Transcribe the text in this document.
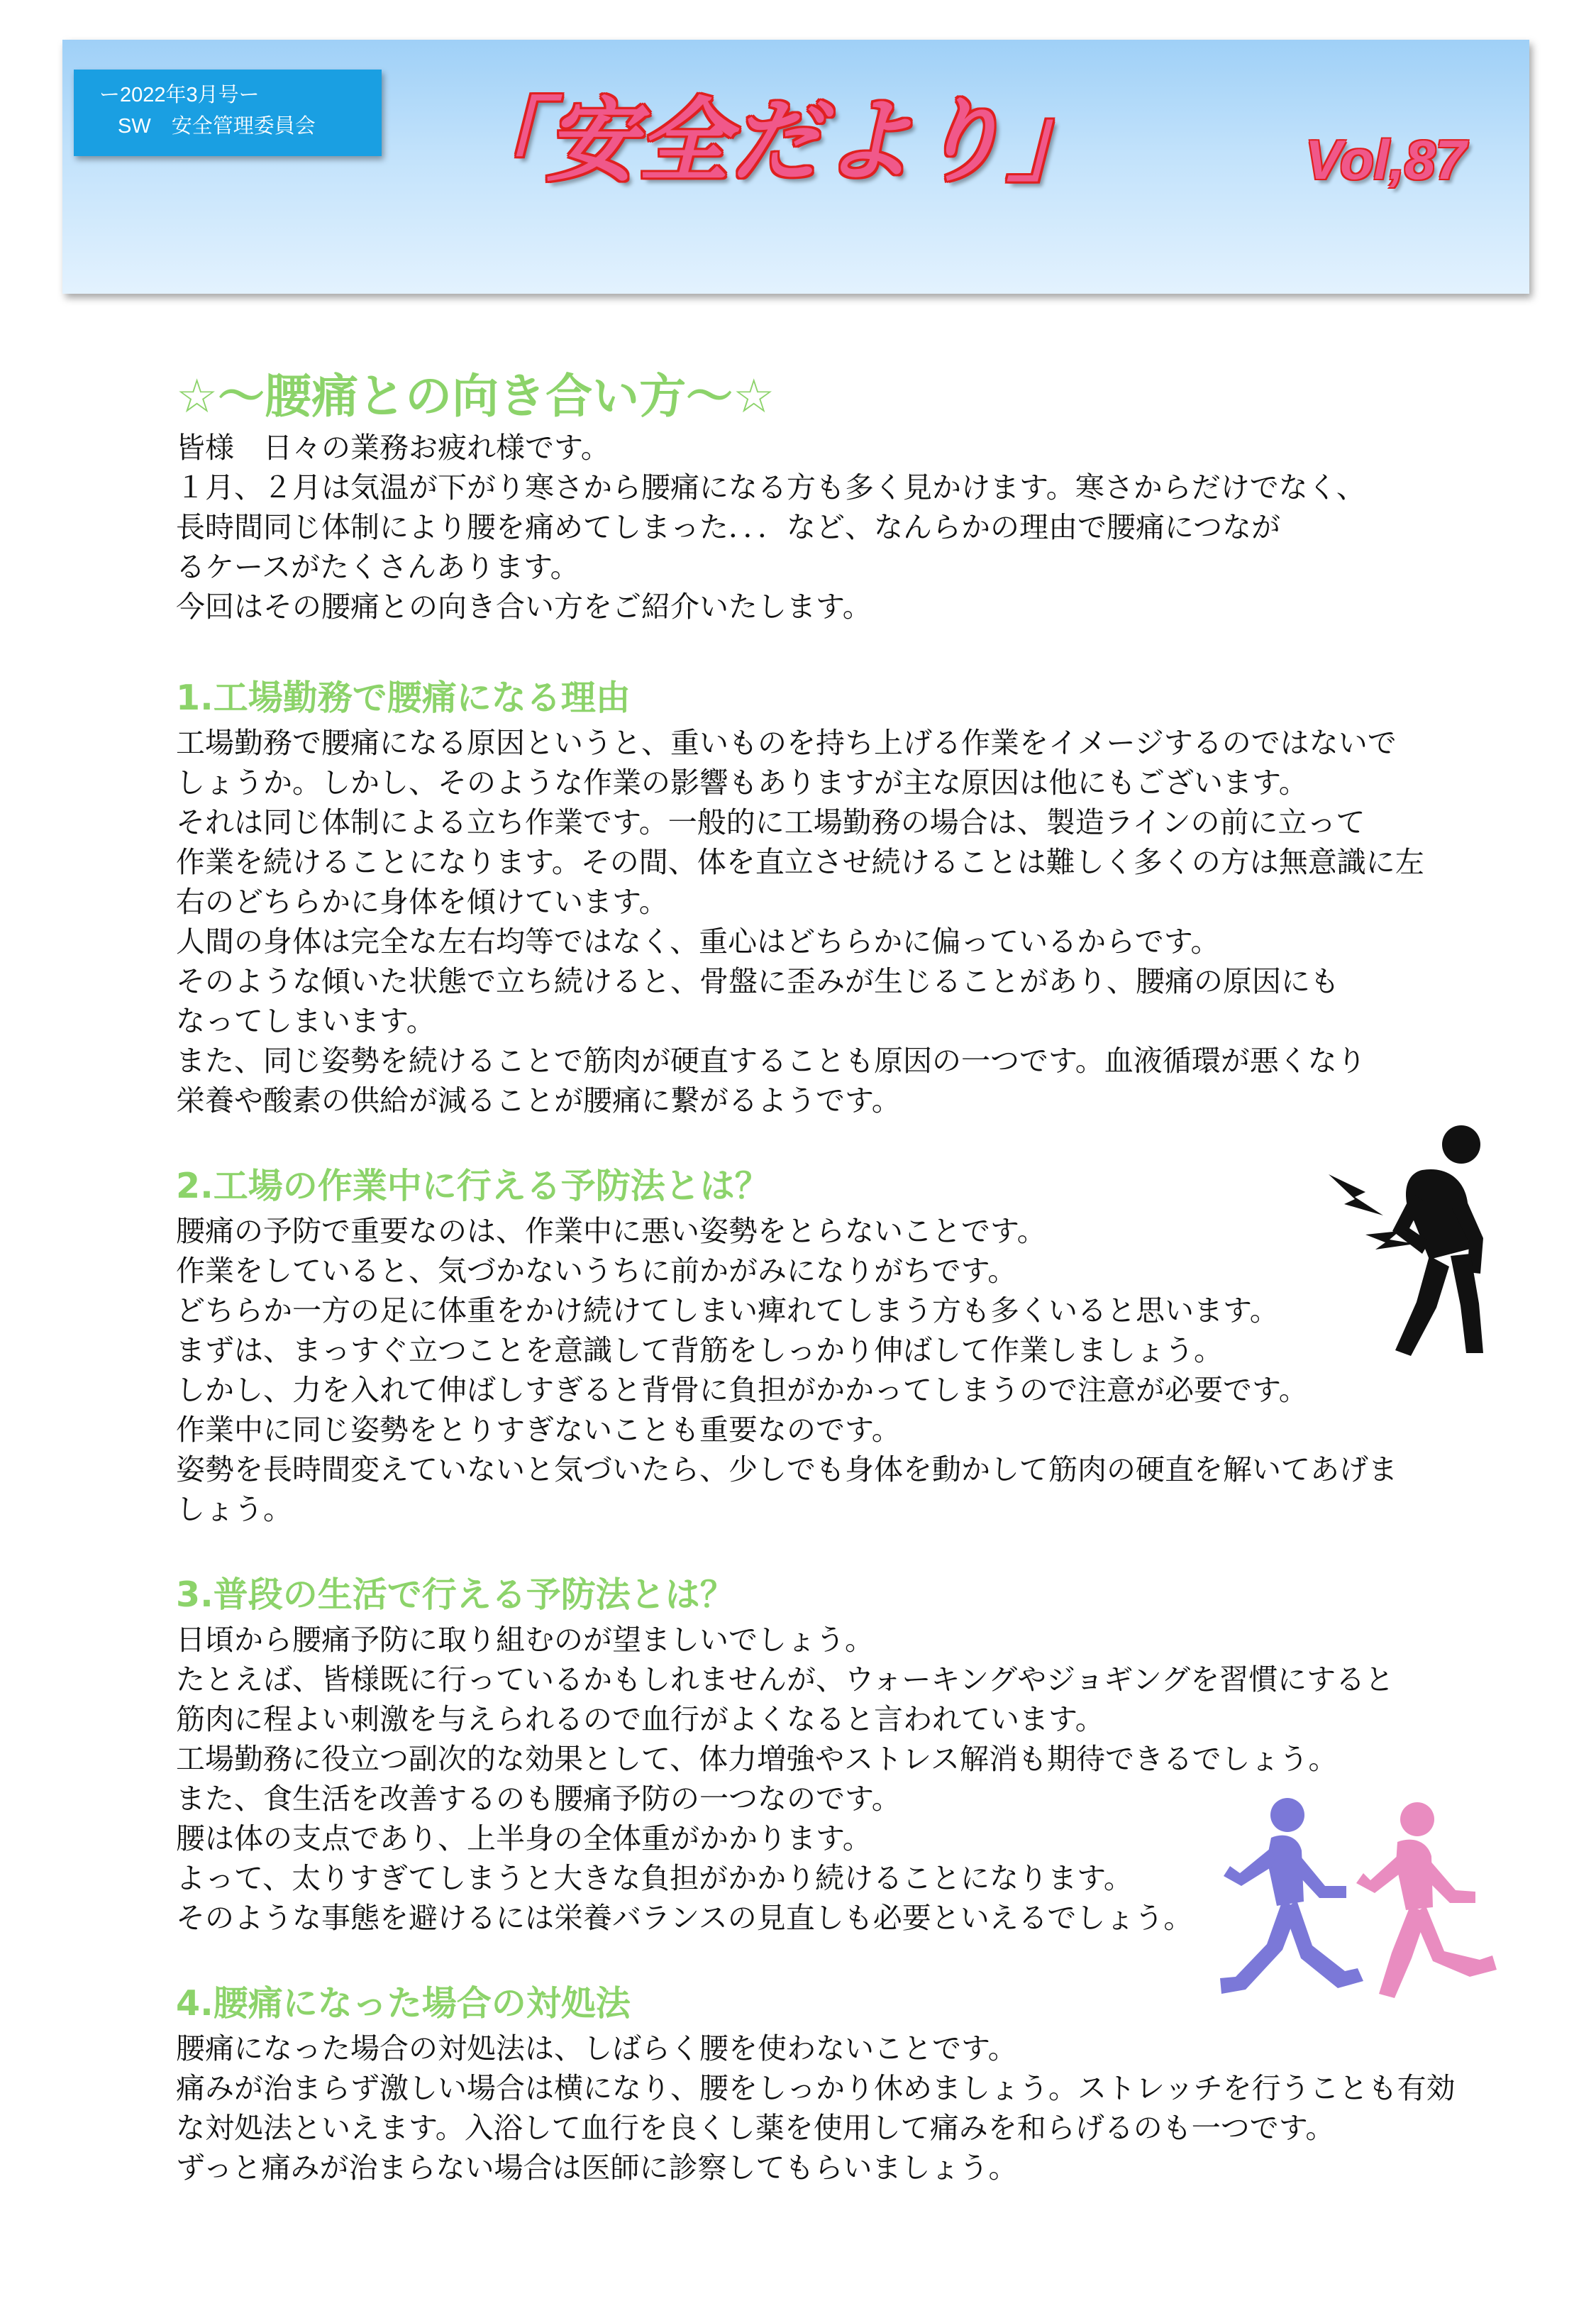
ー2022年3月号ー
SW　安全管理委員会 「安全だより」	Vol,87
☆～腰痛との向き合い方～☆

皆様　日々の業務お疲れ様です。

１月、２月は気温が下がり寒さから腰痛になる方も多く見かけます。寒さからだけでなく、

長時間同じ体制により腰を痛めてしまった．．．など、なんらかの理由で腰痛につなが

るケースがたくさんあります。

今回はその腰痛との向き合い方をご紹介いたします。

1.工場勤務で腰痛になる理由

工場勤務で腰痛になる原因というと、重いものを持ち上げる作業をイメージするのではないで

しょうか。しかし、そのような作業の影響もありますが主な原因は他にもございます。

それは同じ体制による立ち作業です。一般的に工場勤務の場合は、製造ラインの前に立って

作業を続けることになります。その間、体を直立させ続けることは難しく多くの方は無意識に左

右のどちらかに身体を傾けています。

人間の身体は完全な左右均等ではなく、重心はどちらかに偏っているからです。

そのような傾いた状態で立ち続けると、骨盤に歪みが生じることがあり、腰痛の原因にも

なってしまいます。

また、同じ姿勢を続けることで筋肉が硬直することも原因の一つです。血液循環が悪くなり

栄養や酸素の供給が減ることが腰痛に繋がるようです。

2.工場の作業中に行える予防法とは？

腰痛の予防で重要なのは、作業中に悪い姿勢をとらないことです。

作業をしていると、気づかないうちに前かがみになりがちです。

どちらか一方の足に体重をかけ続けてしまい痺れてしまう方も多くいると思います。

まずは、まっすぐ立つことを意識して背筋をしっかり伸ばして作業しましょう。

しかし、力を入れて伸ばしすぎると背骨に負担がかかってしまうので注意が必要です。

作業中に同じ姿勢をとりすぎないことも重要なのです。

姿勢を長時間変えていないと気づいたら、少しでも身体を動かして筋肉の硬直を解いてあげま

しょう。

3.普段の生活で行える予防法とは？

日頃から腰痛予防に取り組むのが望ましいでしょう。

たとえば、皆様既に行っているかもしれませんが、ウォーキングやジョギングを習慣にすると

筋肉に程よい刺激を与えられるので血行がよくなると言われています。

工場勤務に役立つ副次的な効果として、体力増強やストレス解消も期待できるでしょう。

また、食生活を改善するのも腰痛予防の一つなのです。

腰は体の支点であり、上半身の全体重がかかります。

よって、太りすぎてしまうと大きな負担がかかり続けることになります。

そのような事態を避けるには栄養バランスの見直しも必要といえるでしょう。

4.腰痛になった場合の対処法

腰痛になった場合の対処法は、しばらく腰を使わないことです。

痛みが治まらず激しい場合は横になり、腰をしっかり休めましょう。ストレッチを行うことも有効

な対処法といえます。入浴して血行を良くし薬を使用して痛みを和らげるのも一つです。

ずっと痛みが治まらない場合は医師に診察してもらいましょう。
